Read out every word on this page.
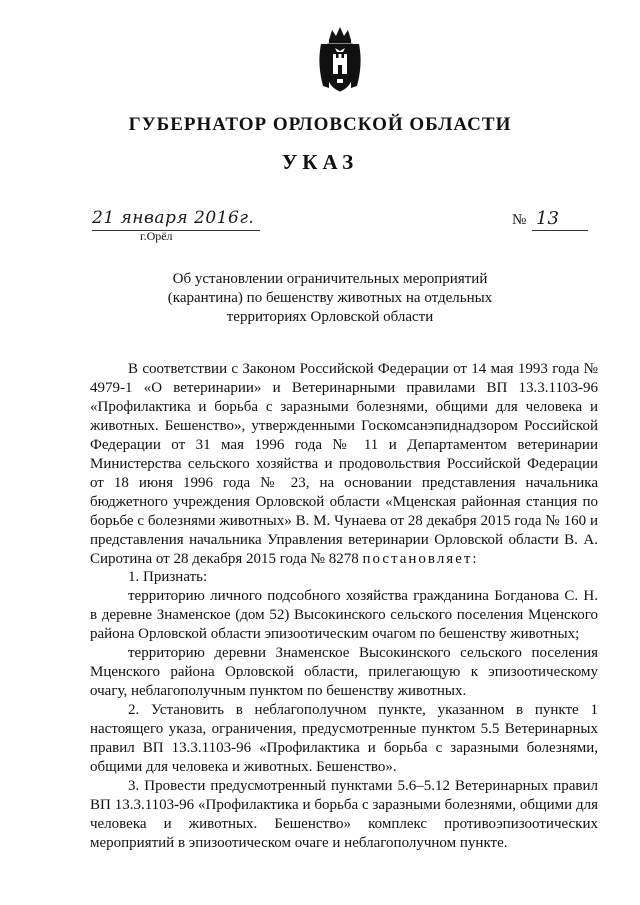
ГУБЕРНАТОР ОРЛОВСКОЙ ОБЛАСТИ
УКАЗ
21 января 2016г.
г.Орёл
№ 13
Об установлении ограничительных мероприятий
(карантина) по бешенству животных на отдельных
территориях Орловской области

В соответствии с Законом Российской Федерации от 14 мая 1993 года № 4979-1 «О ветеринарии» и Ветеринарными правилами ВП 13.3.1103-96 «Профилактика и борьба с заразными болезнями, общими для человека и животных. Бешенство», утвержденными Госкомсанэпиднадзором Российской Федерации от 31 мая 1996 года № 11 и Департаментом ветеринарии Министерства сельского хозяйства и продовольствия Российской Федерации от 18 июня 1996 года № 23, на основании представления начальника бюджетного учреждения Орловской области «Мценская районная станция по борьбе с болезнями животных» В. М. Чунаева от 28 декабря 2015 года № 160 и представления начальника Управления ветеринарии Орловской области В. А. Сиротина от 28 декабря 2015 года № 8278 постановляет:

1. Признать:

территорию личного подсобного хозяйства гражданина Богданова С. Н. в деревне Знаменское (дом 52) Высокинского сельского поселения Мценского района Орловской области эпизоотическим очагом по бешенству животных;

территорию деревни Знаменское Высокинского сельского поселения Мценского района Орловской области, прилегающую к эпизоотическому очагу, неблагополучным пунктом по бешенству животных.

2. Установить в неблагополучном пункте, указанном в пункте 1 настоящего указа, ограничения, предусмотренные пунктом 5.5 Ветеринарных правил ВП 13.3.1103-96 «Профилактика и борьба с заразными болезнями, общими для человека и животных. Бешенство».

3. Провести предусмотренный пунктами 5.6–5.12 Ветеринарных правил ВП 13.3.1103-96 «Профилактика и борьба с заразными болезнями, общими для человека и животных. Бешенство» комплекс противоэпизоотических мероприятий в эпизоотическом очаге и неблагополучном пункте.
